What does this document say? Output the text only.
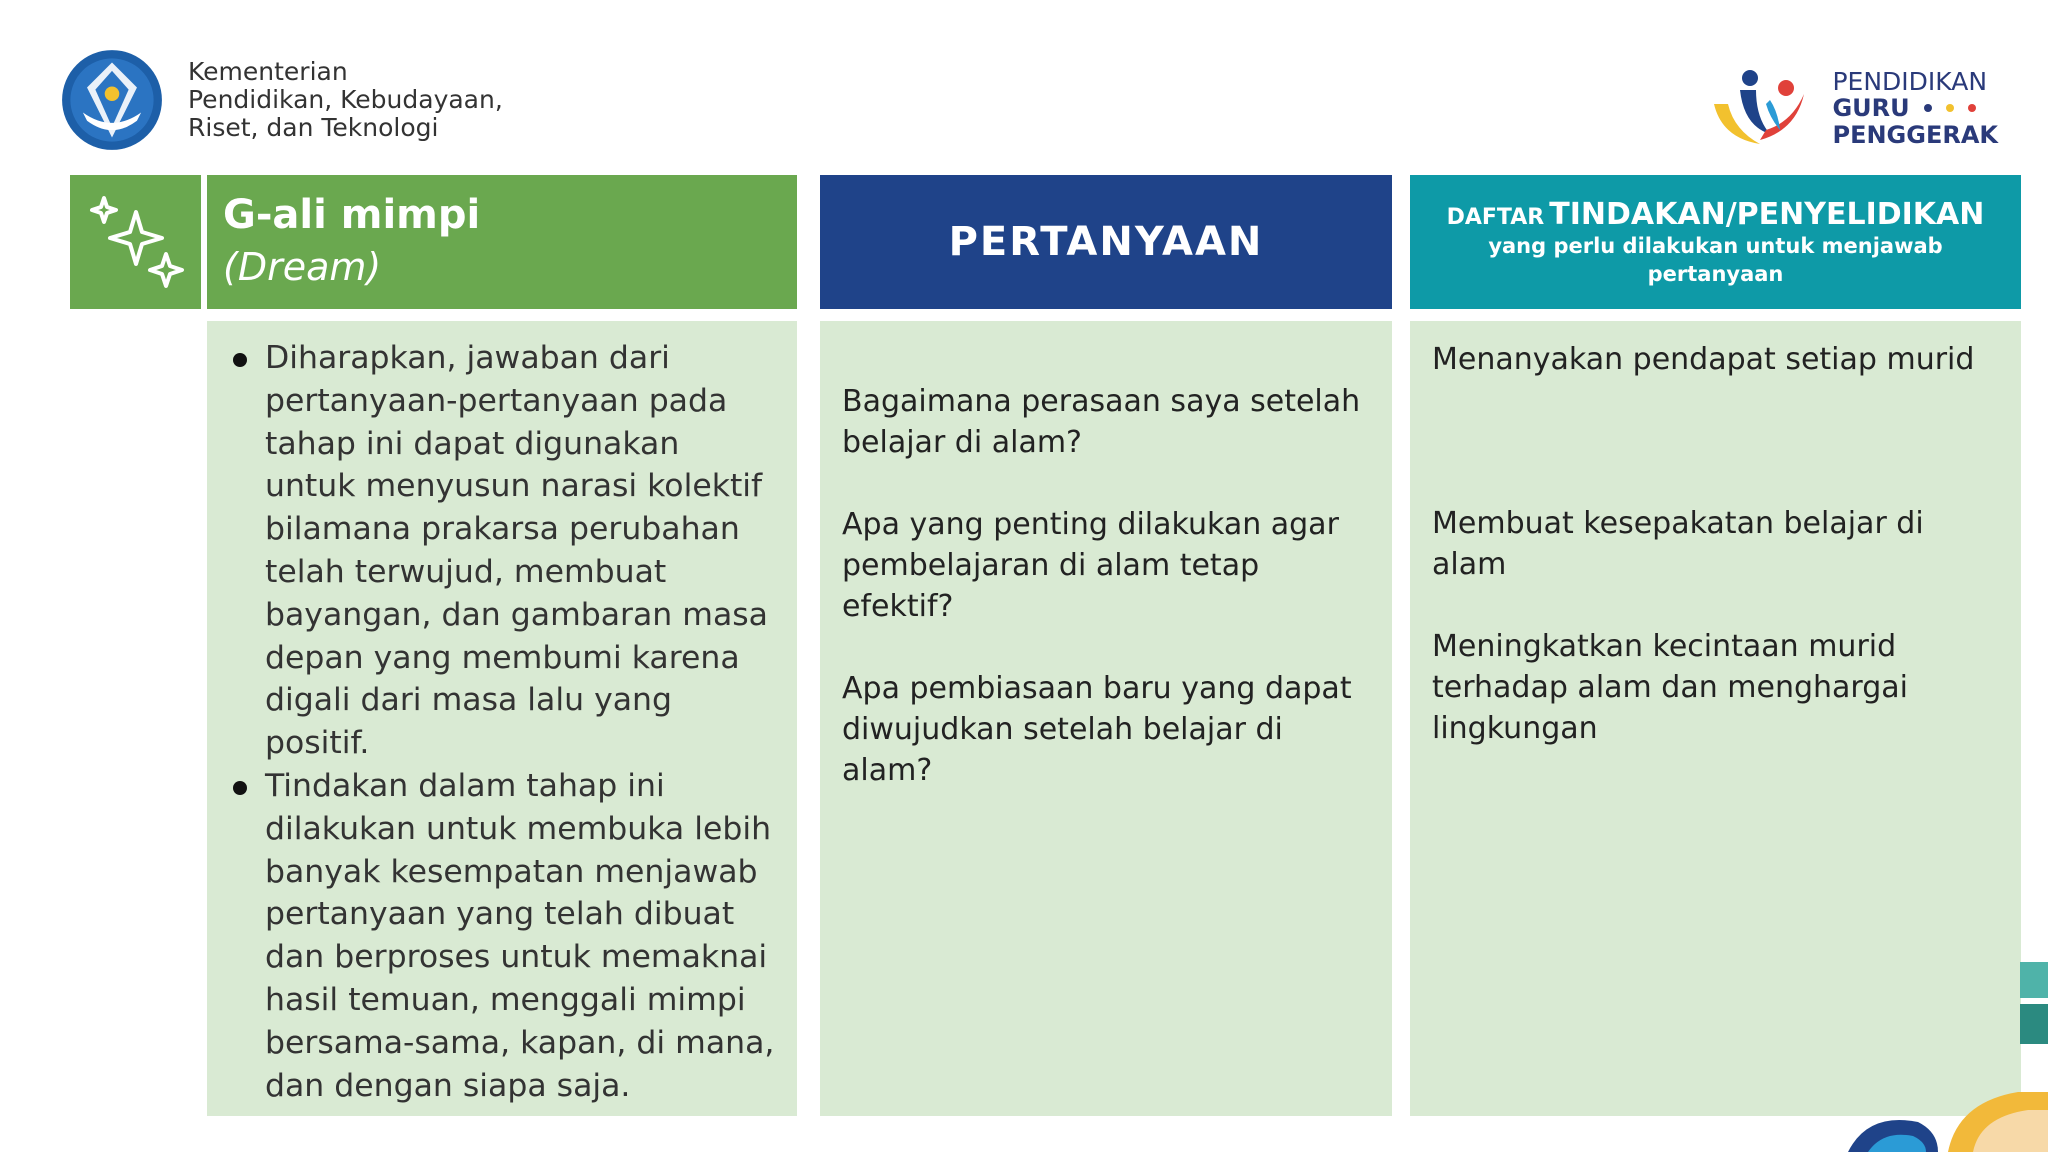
Kementerian
Pendidikan, Kebudayaan,
Riset, dan Teknologi
PENDIDIKAN
GURU
PENGGERAK
G-ali mimpi
(Dream)
PERTANYAAN
DAFTAR TINDAKAN/PENYELIDIKAN
yang perlu dilakukan untuk menjawab pertanyaan
Diharapkan, jawaban dari pertanyaan-pertanyaan pada tahap ini dapat digunakan untuk menyusun narasi kolektif bilamana prakarsa perubahan telah terwujud, membuat bayangan, dan gambaran masa depan yang membumi karena digali dari masa lalu yang positif.
Tindakan dalam tahap ini dilakukan untuk membuka lebih banyak kesempatan menjawab pertanyaan yang telah dibuat dan berproses untuk memaknai hasil temuan, menggali mimpi bersama-sama, kapan, di mana, dan dengan siapa saja.

Bagaimana perasaan saya setelah belajar di alam?

Apa yang penting dilakukan agar pembelajaran di alam tetap efektif?

Apa pembiasaan baru yang dapat diwujudkan setelah belajar di alam?

Menanyakan pendapat setiap murid
Membuat kesepakatan belajar di alam
Meningkatkan kecintaan murid terhadap alam dan menghargai lingkungan
